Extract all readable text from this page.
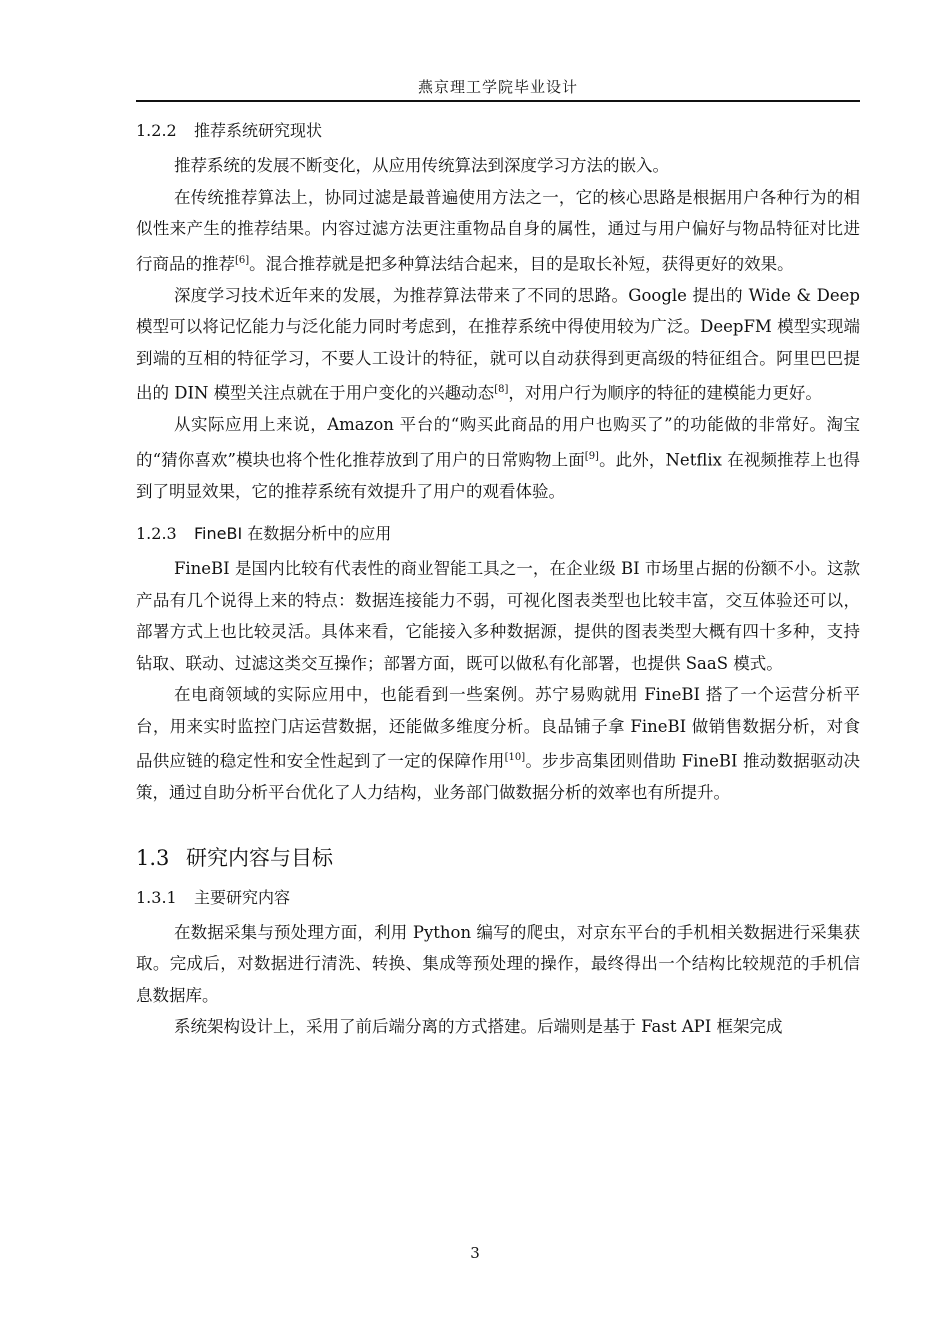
燕京理工学院毕业设计
1.2.2 推荐系统研究现状

推荐系统的发展不断变化，从应用传统算法到深度学习方法的嵌入。

在传统推荐算法上，协同过滤是最普遍使用方法之一，它的核心思路是根据用户各种行为的相似性来产生的推荐结果。内容过滤方法更注重物品自身的属性，通过与用户偏好与物品特征对比进行商品的推荐[6]。混合推荐就是把多种算法结合起来，目的是取长补短，获得更好的效果。

深度学习技术近年来的发展，为推荐算法带来了不同的思路。Google 提出的 Wide & Deep 模型可以将记忆能力与泛化能力同时考虑到，在推荐系统中得使用较为广泛。DeepFM 模型实现端到端的互相的特征学习，不要人工设计的特征，就可以自动获得到更高级的特征组合。阿里巴巴提出的 DIN 模型关注点就在于用户变化的兴趣动态[8]，对用户行为顺序的特征的建模能力更好。

从实际应用上来说，Amazon 平台的“购买此商品的用户也购买了”的功能做的非常好。淘宝的“猜你喜欢”模块也将个性化推荐放到了用户的日常购物上面[9]。此外，Netflix 在视频推荐上也得到了明显效果，它的推荐系统有效提升了用户的观看体验。

1.2.3 FineBI 在数据分析中的应用

FineBI 是国内比较有代表性的商业智能工具之一，在企业级 BI 市场里占据的份额不小。这款产品有几个说得上来的特点：数据连接能力不弱，可视化图表类型也比较丰富，交互体验还可以，部署方式上也比较灵活。具体来看，它能接入多种数据源，提供的图表类型大概有四十多种，支持钻取、联动、过滤这类交互操作；部署方面，既可以做私有化部署，也提供 SaaS 模式。

在电商领域的实际应用中，也能看到一些案例。苏宁易购就用 FineBI 搭了一个运营分析平台，用来实时监控门店运营数据，还能做多维度分析。良品铺子拿 FineBI 做销售数据分析，对食品供应链的稳定性和安全性起到了一定的保障作用[10]。步步高集团则借助 FineBI 推动数据驱动决策，通过自助分析平台优化了人力结构，业务部门做数据分析的效率也有所提升。

1.3 研究内容与目标
1.3.1 主要研究内容

在数据采集与预处理方面，利用 Python 编写的爬虫，对京东平台的手机相关数据进行采集获取。完成后，对数据进行清洗、转换、集成等预处理的操作，最终得出一个结构比较规范的手机信息数据库。

系统架构设计上，采用了前后端分离的方式搭建。后端则是基于 Fast API 框架完成

3
